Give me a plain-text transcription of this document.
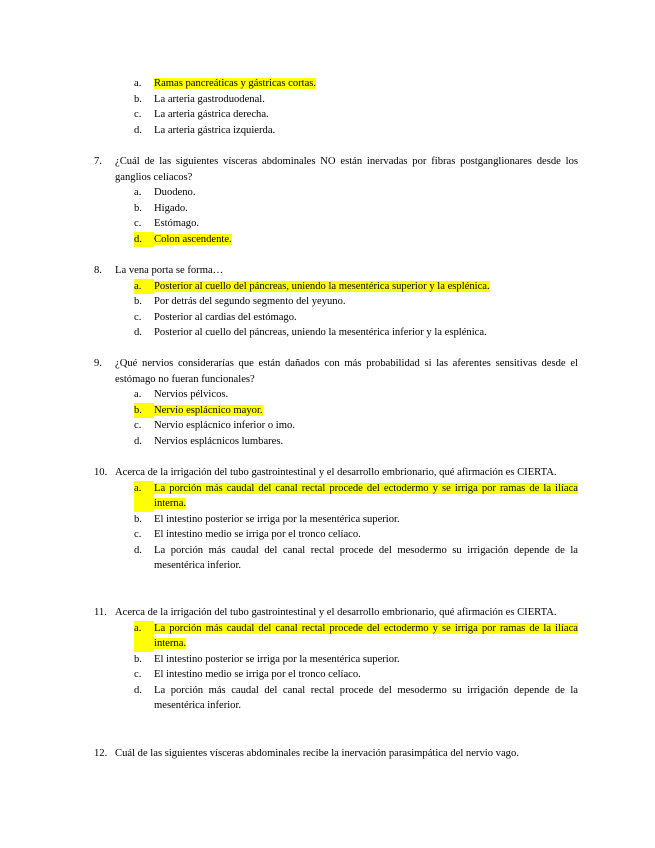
a.	Ramas pancreáticas y gástricas cortas.
b.	La arteria gastroduodenal.
c.	La arteria gástrica derecha.
d.	La arteria gástrica izquierda.
7.	¿Cuál de las siguientes vísceras abdominales NO están inervadas por fibras postganglionares desde los ganglios celíacos?
a.	Duodeno.
b.	Hígado.
c.	Estómago.
d.	Colon ascendente.
8.	La vena porta se forma…
a.	Posterior al cuello del páncreas, uniendo la mesentérica superior y la esplénica.
b.	Por detrás del segundo segmento del yeyuno.
c.	Posterior al cardias del estómago.
d.	Posterior al cuello del páncreas, uniendo la mesentérica inferior y la esplénica.
9.	¿Qué nervios considerarías que están dañados con más probabilidad si las aferentes sensitivas desde el estómago no fueran funcionales?
a.	Nervios pélvicos.
b.	Nervio esplácnico mayor.
c.	Nervio esplácnico inferior o imo.
d.	Nervios esplácnicos lumbares.
10. Acerca de la irrigación del tubo gastrointestinal y el desarrollo embrionario, qué afirmación es CIERTA.
a.	La porción más caudal del canal rectal procede del ectodermo y se irriga por ramas de la ilíaca interna.
b.	El intestino posterior se irriga por la mesentérica superior.
c.	El intestino medio se irriga por el tronco celíaco.
d.	La porción más caudal del canal rectal procede del mesodermo su irrigación depende de la mesentérica inferior.
11. Acerca de la irrigación del tubo gastrointestinal y el desarrollo embrionario, qué afirmación es CIERTA.
a.	La porción más caudal del canal rectal procede del ectodermo y se irriga por ramas de la ilíaca interna.
b.	El intestino posterior se irriga por la mesentérica superior.
c.	El intestino medio se irriga por el tronco celíaco.
d.	La porción más caudal del canal rectal procede del mesodermo su irrigación depende de la mesentérica inferior.
12. Cuál de las siguientes vísceras abdominales recibe la inervación parasimpática del nervio vago.
